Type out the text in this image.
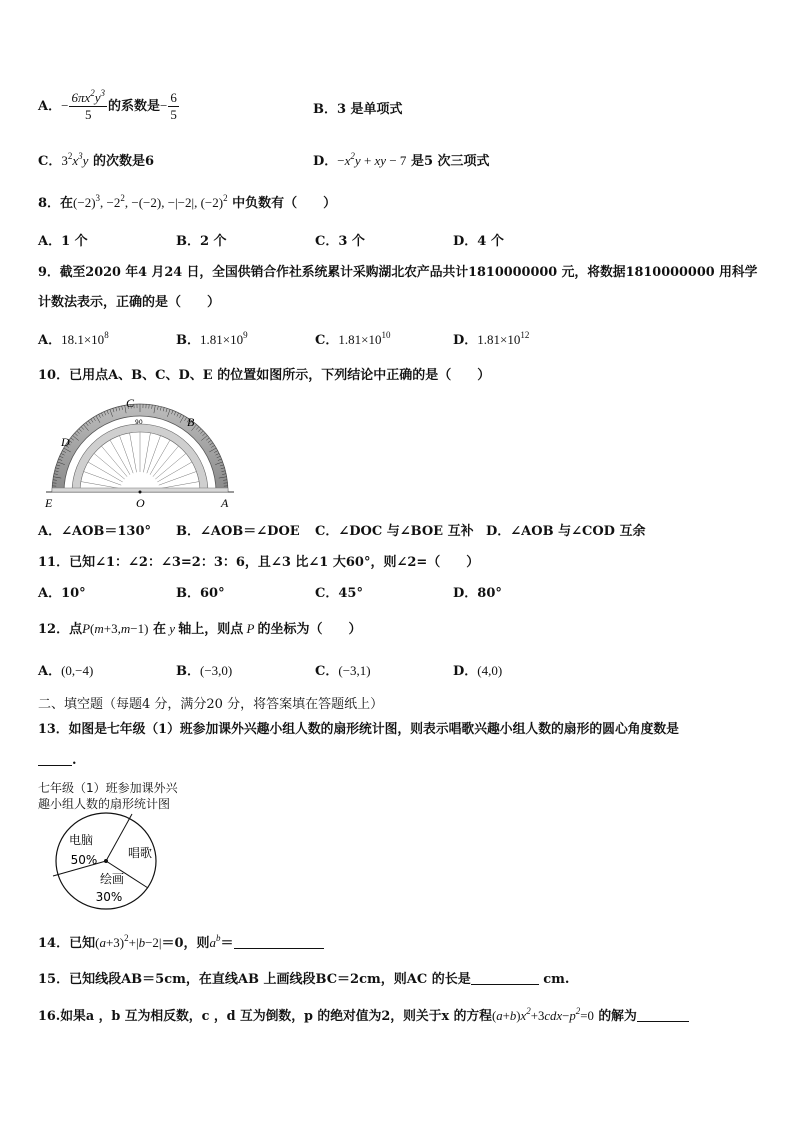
A．− $\frac{6\pi x^2y^3}{5}$ 的系数是− $\frac{6}{5}$	B．3 是单项式
C．$3^2x^3y$ 的次数是6	D．$-x^2y$ + xy − 7 是5 次三项式
8．在$(-2)^3$, $-2^2$, −(−2), −|−2|, $(-2)^2$ 中负数有（　　）
A．1 个	B．2 个	C．3 个	D．4 个
9．截至2020 年4 月24 日，全国供销合作社系统累计采购湖北农产品共计1810000000 元，将数据1810000000 用科学
计数法表示，正确的是（　　）
A．$18.1\times 10^8$	B．$1.81\times 10^9$	C．$1.81\times 10^{10}$	D．$1.81\times 10^{12}$
10．已用点A、B、C、D、E 的位置如图所示，下列结论中正确的是（　　）
C
B
D
E	O	A
90
A．∠AOB＝130° B．∠AOB＝∠DOE C．∠DOC 与∠BOE 互补 D．∠AOB 与∠COD 互余
11．已知∠1：∠2：∠3=2：3：6，且∠3 比∠1 大60°，则∠2=（　　）
A．10°	B．60°	C．45°	D．80°
12．点P(m+3,m−1) 在 y 轴上，则点 P 的坐标为（　　）
A．(0,−4)	B．(−3,0)	C．(−3,1)	D．(4,0)
二、填空题（每题4 分，满分20 分，将答案填在答题纸上）
13．如图是七年级（1）班参加课外兴趣小组人数的扇形统计图，则表示唱歌兴趣小组人数的扇形的圆心角度数是
.
七年级（1）班参加课外兴
趣小组人数的扇形统计图
电脑
50%	唱歌
绘画
30%
14．已知$(a+3)^2+|b-2|=0$，则$a^b=$
15．已知线段AB＝5cm，在直线AB 上画线段BC＝2cm，则AC 的长是	cm.
16.如果a ，b 互为相反数，c ，d 互为倒数，p 的绝对值为2，则关于x 的方程$(a+b)x^2+3cdx-p^2=0$ 的解为
